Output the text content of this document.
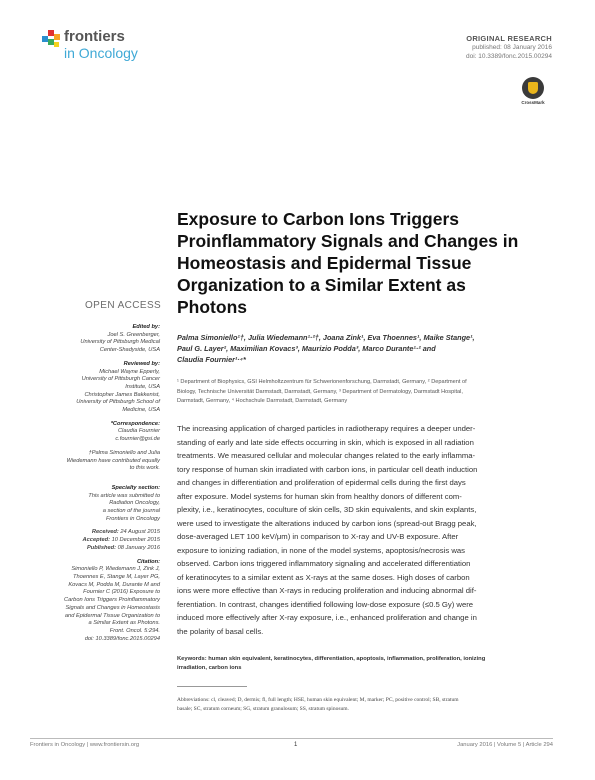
frontiers
in Oncology
ORIGINAL RESEARCH
published: 08 January 2016
doi: 10.3389/fonc.2015.00294
CrossMark
Exposure to Carbon Ions Triggers Proinflammatory Signals and Changes in Homeostasis and Epidermal Tissue Organization to a Similar Extent as Photons
OPEN ACCESS
Edited by:
Joel S. Greenberger,
University of Pittsburgh Medical
Center-Shadyside, USA
Reviewed by:
Michael Wayne Epperly,
University of Pittsburgh Cancer
Institute, USA
Christopher James Bakkenist,
University of Pittsburgh School of
Medicine, USA
*Correspondence:
Claudia Fournier
c.fournier@gsi.de
†Palma Simoniello and Julia
Wiedemann have contributed equally
to this work.
Specialty section:
This article was submitted to
Radiation Oncology,
a section of the journal
Frontiers in Oncology
Received: 24 August 2015
Accepted: 10 December 2015
Published: 08 January 2016
Citation:
Simoniello P, Wiedemann J, Zink J,
Thoennes E, Stange M, Layer PG,
Kovacs M, Podda M, Durante M and
Fournier C (2016) Exposure to
Carbon Ions Triggers Proinflammatory
Signals and Changes in Homeostasis
and Epidermal Tissue Organization to
a Similar Extent as Photons.
Front. Oncol. 5:294.
doi: 10.3389/fonc.2015.00294
Palma Simoniello¹†, Julia Wiedemann¹·²†, Joana Zink¹, Eva Thoennes¹, Maike Stange¹,
Paul G. Layer², Maximilian Kovacs³, Maurizio Podda³, Marco Durante¹·² and
Claudia Fournier¹·⁴*
¹ Department of Biophysics, GSI Helmholtzzentrum für Schwerionenforschung, Darmstadt, Germany, ² Department of
Biology, Technische Universität Darmstadt, Darmstadt, Germany, ³ Department of Dermatology, Darmstadt Hospital,
Darmstadt, Germany, ⁴ Hochschule Darmstadt, Darmstadt, Germany
The increasing application of charged particles in radiotherapy requires a deeper under-
standing of early and late side effects occurring in skin, which is exposed in all radiation
treatments. We measured cellular and molecular changes related to the early inflamma-
tory response of human skin irradiated with carbon ions, in particular cell death induction
and changes in differentiation and proliferation of epidermal cells during the first days
after exposure. Model systems for human skin from healthy donors of different com-
plexity, i.e., keratinocytes, coculture of skin cells, 3D skin equivalents, and skin explants,
were used to investigate the alterations induced by carbon ions (spread-out Bragg peak,
dose-averaged LET 100 keV/μm) in comparison to X-ray and UV-B exposure. After
exposure to ionizing radiation, in none of the model systems, apoptosis/necrosis was
observed. Carbon ions triggered inflammatory signaling and accelerated differentiation
of keratinocytes to a similar extent as X-rays at the same doses. High doses of carbon
ions were more effective than X-rays in reducing proliferation and inducing abnormal dif-
ferentiation. In contrast, changes identified following low-dose exposure (≤0.5 Gy) were
induced more effectively after X-ray exposure, i.e., enhanced proliferation and change in
the polarity of basal cells.
Keywords: human skin equivalent, keratinocytes, differentiation, apoptosis, inflammation, proliferation, ionizing
irradiation, carbon ions
Abbreviations: cl, cleaved; D, dermis; fl, full length; HSE, human skin equivalent; M, marker; PC, positive control; SB, stratum
basale; SC, stratum corneum; SG, stratum granulosum; SS, stratum spinosum.
Frontiers in Oncology | www.frontiersin.org	1	January 2016 | Volume 5 | Article 294
